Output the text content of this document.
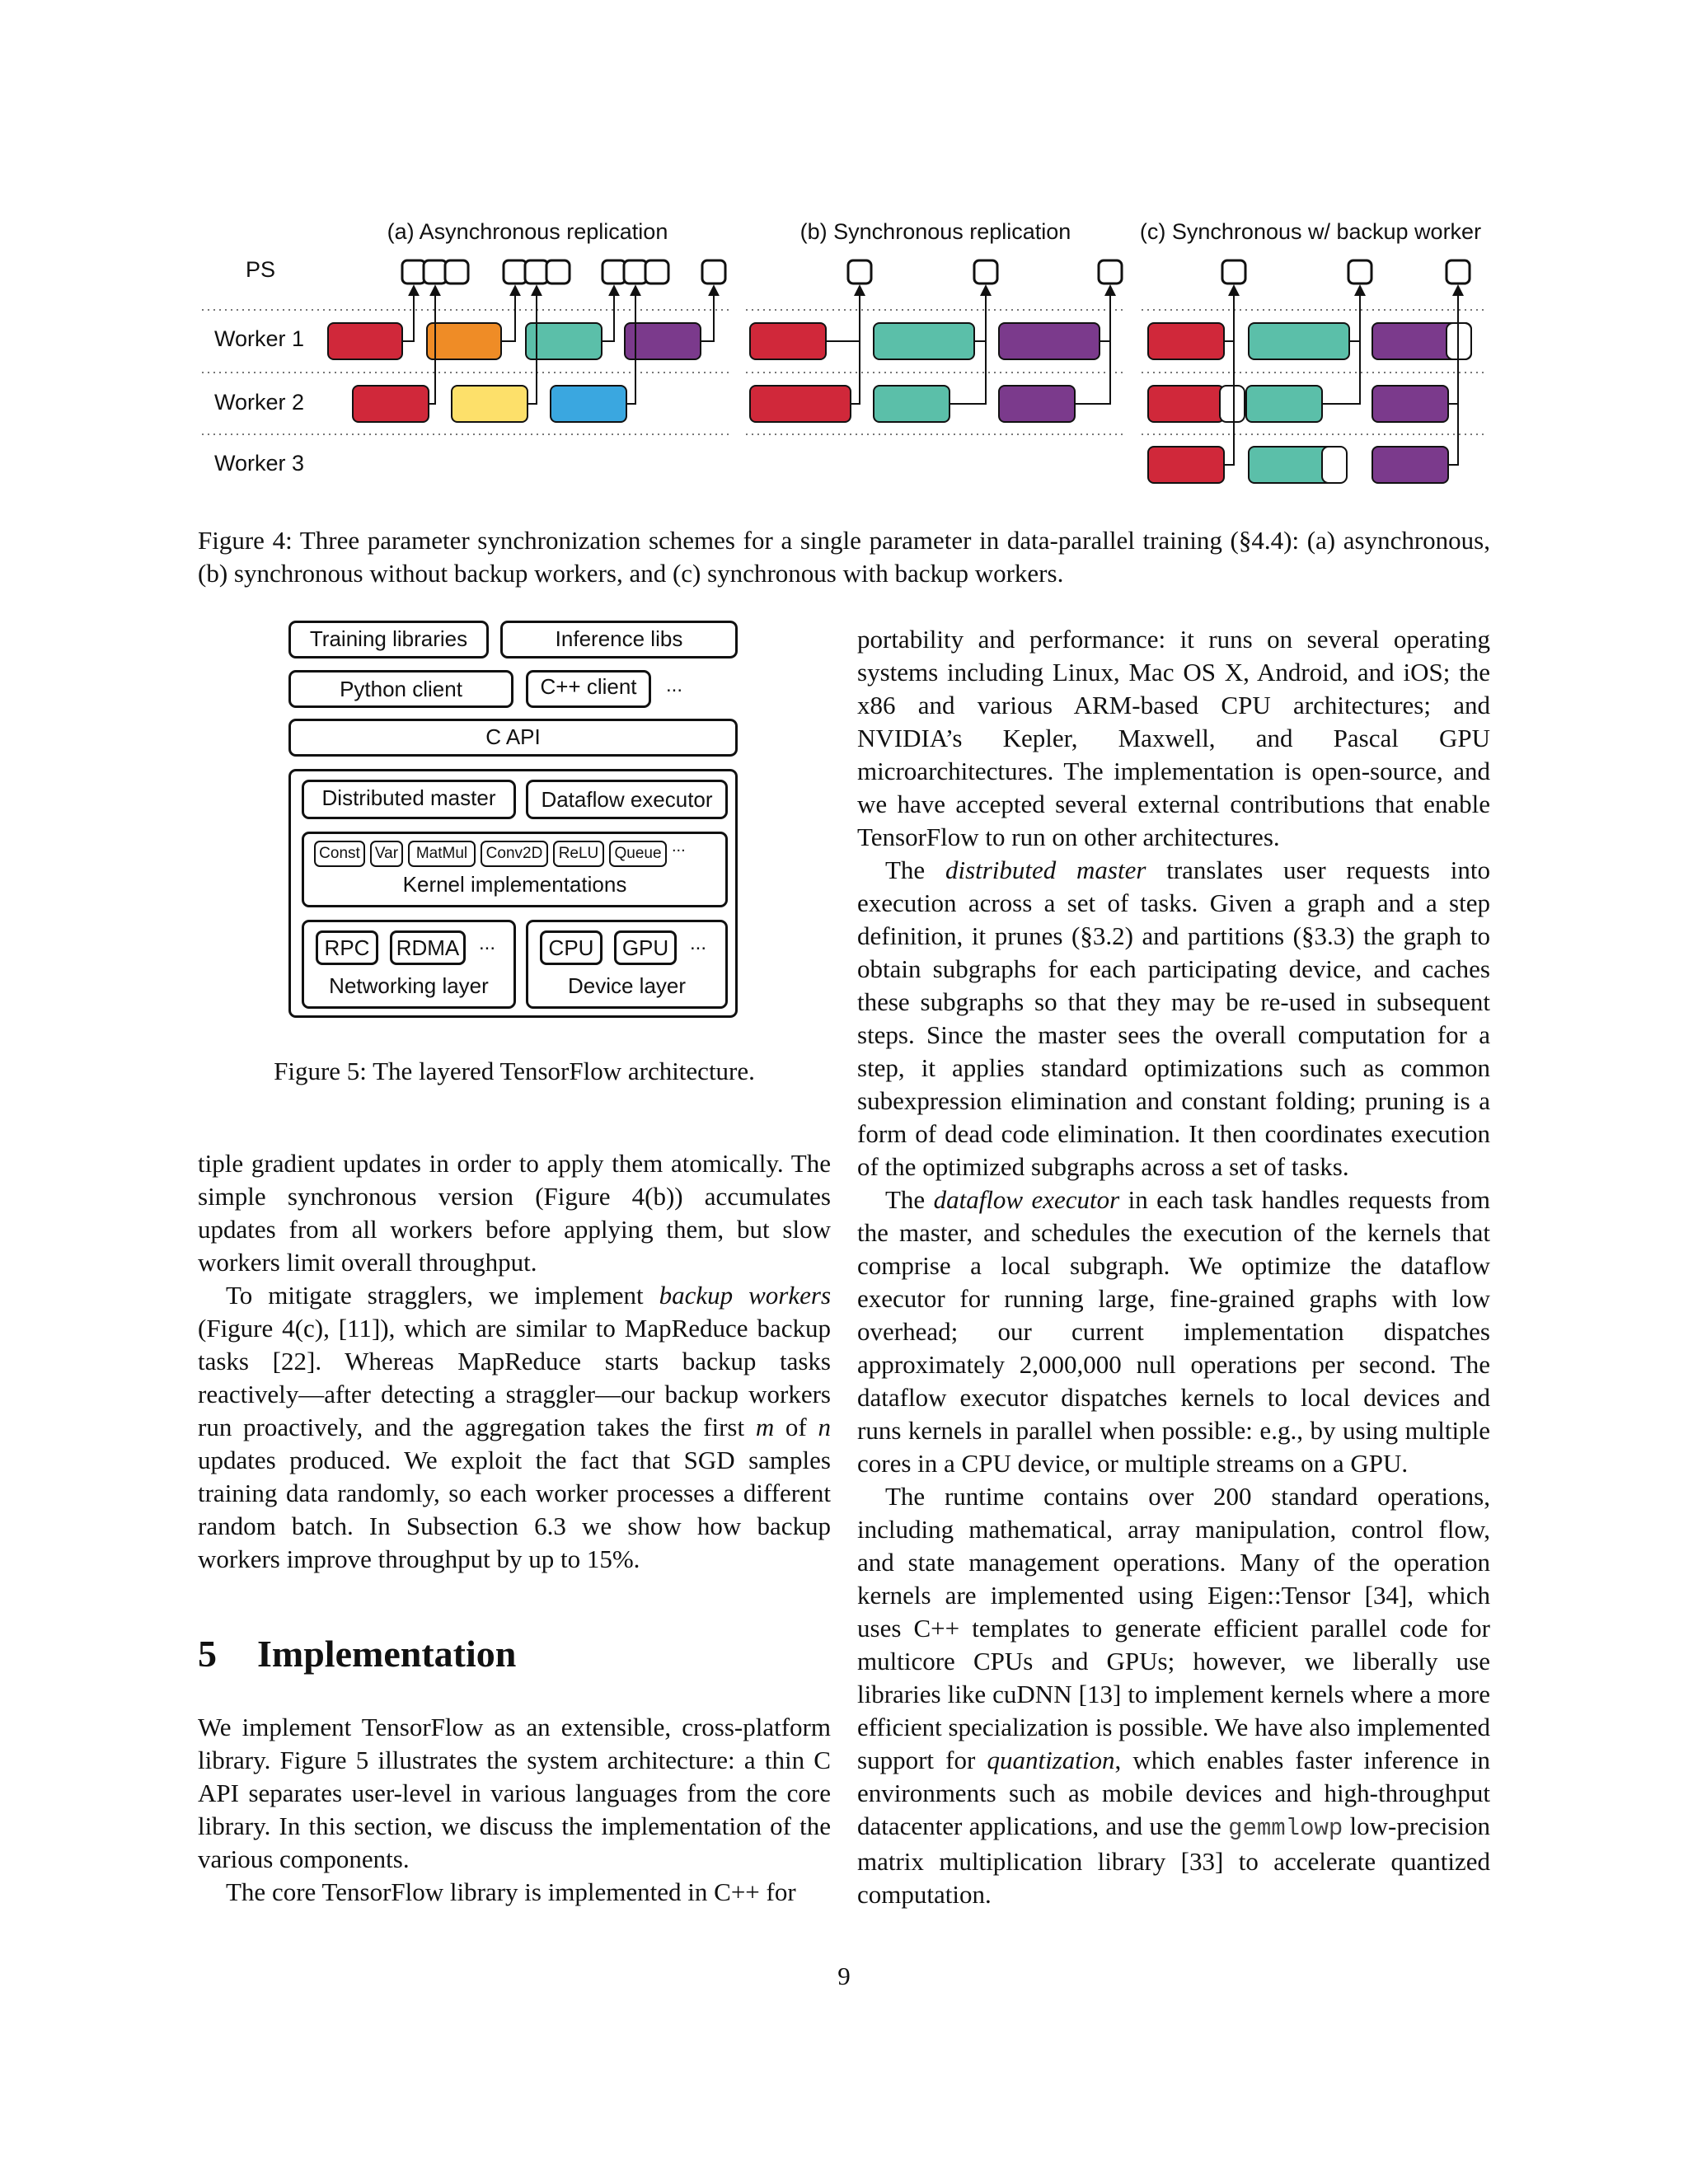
(a) Asynchronous replication	(b) Synchronous replication	(c) Synchronous w/ backup worker
PS
Worker 1
Worker 2
Worker 3
Figure 4: Three parameter synchronization schemes for a single parameter in data-parallel training (§4.4): (a) asynchronous, (b) synchronous without backup workers, and (c) synchronous with backup workers.
Training libraries	Inference libs
Python client	C++ client	...
C API
Distributed master	Dataflow executor
Const Var	MatMul	Conv2D	ReLU	Queue ...
Kernel implementations
RPC	RDMA ...
Networking layer
CPU	GPU	...
Device layer
Figure 5: The layered TensorFlow architecture.

tiple gradient updates in order to apply them atomically. The simple synchronous version (Figure 4(b)) accumulates updates from all workers before applying them, but slow workers limit overall throughput.

To mitigate stragglers, we implement backup workers (Figure 4(c), [11]), which are similar to MapReduce backup tasks [22]. Whereas MapReduce starts backup tasks reactively—after detecting a straggler—our backup workers run proactively, and the aggregation takes the first m of n updates produced. We exploit the fact that SGD samples training data randomly, so each worker processes a different random batch. In Subsection 6.3 we show how backup workers improve throughput by up to 15%.

5 Implementation

We implement TensorFlow as an extensible, cross-platform library. Figure 5 illustrates the system architecture: a thin C API separates user-level in various languages from the core library. In this section, we discuss the implementation of the various components.

The core TensorFlow library is implemented in C++ for

portability and performance: it runs on several operating systems including Linux, Mac OS X, Android, and iOS; the x86 and various ARM-based CPU architectures; and NVIDIA’s Kepler, Maxwell, and Pascal GPU microarchitectures. The implementation is open-source, and we have accepted several external contributions that enable TensorFlow to run on other architectures.

The distributed master translates user requests into execution across a set of tasks. Given a graph and a step definition, it prunes (§3.2) and partitions (§3.3) the graph to obtain subgraphs for each participating device, and caches these subgraphs so that they may be re-used in subsequent steps. Since the master sees the overall computation for a step, it applies standard optimizations such as common subexpression elimination and constant folding; pruning is a form of dead code elimination. It then coordinates execution of the optimized subgraphs across a set of tasks.

The dataflow executor in each task handles requests from the master, and schedules the execution of the kernels that comprise a local subgraph. We optimize the dataflow executor for running large, fine-grained graphs with low overhead; our current implementation dispatches approximately 2,000,000 null operations per second. The dataflow executor dispatches kernels to local devices and runs kernels in parallel when possible: e.g., by using multiple cores in a CPU device, or multiple streams on a GPU.

The runtime contains over 200 standard operations, including mathematical, array manipulation, control flow, and state management operations. Many of the operation kernels are implemented using Eigen::Tensor [34], which uses C++ templates to generate efficient parallel code for multicore CPUs and GPUs; however, we liberally use libraries like cuDNN [13] to implement kernels where a more efficient specialization is possible. We have also implemented support for quantization, which enables faster inference in environments such as mobile devices and high-throughput datacenter applications, and use the gemmlowp low-precision matrix multiplication library [33] to accelerate quantized computation.

9
